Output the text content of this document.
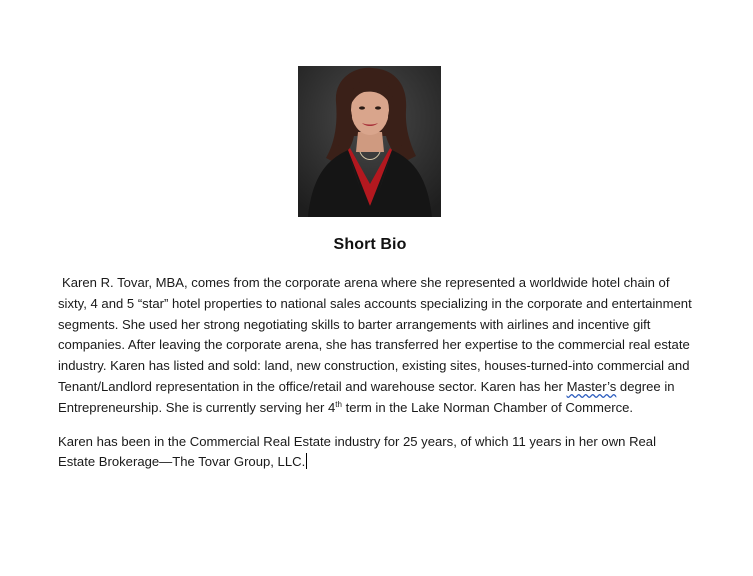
Short Bio

Karen R. Tovar, MBA, comes from the corporate arena where she represented a worldwide hotel chain of sixty, 4 and 5 “star” hotel properties to national sales accounts specializing in the corporate and entertainment segments. She used her strong negotiating skills to barter arrangements with airlines and incentive gift companies. After leaving the corporate arena, she has transferred her expertise to the commercial real estate industry. Karen has listed and sold: land, new construction, existing sites, houses-turned-into commercial and Tenant/Landlord representation in the office/retail and warehouse sector. Karen has her Master’s degree in Entrepreneurship. She is currently serving her 4th term in the Lake Norman Chamber of Commerce.

Karen has been in the Commercial Real Estate industry for 25 years, of which 11 years in her own Real Estate Brokerage—The Tovar Group, LLC.
